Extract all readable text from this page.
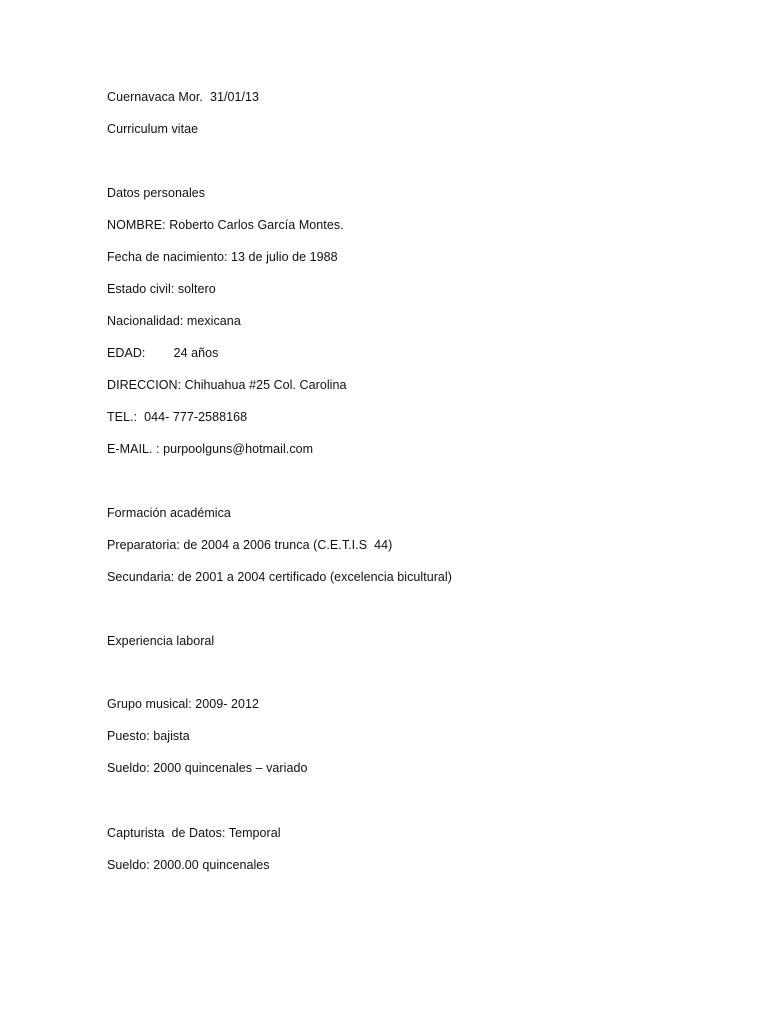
Cuernavaca Mor.  31/01/13
Curriculum vitae
Datos personales
NOMBRE: Roberto Carlos García Montes.
Fecha de nacimiento: 13 de julio de 1988
Estado civil: soltero
Nacionalidad: mexicana
EDAD:        24 años
DIRECCION: Chihuahua #25 Col. Carolina
TEL.:  044- 777-2588168
E-MAIL. : purpoolguns@hotmail.com
Formación académica
Preparatoria: de 2004 a 2006 trunca (C.E.T.I.S  44)
Secundaria: de 2001 a 2004 certificado (excelencia bicultural)
Experiencia laboral
Grupo musical: 2009- 2012
Puesto: bajista
Sueldo: 2000 quincenales – variado
Capturista  de Datos: Temporal
Sueldo: 2000.00 quincenales
